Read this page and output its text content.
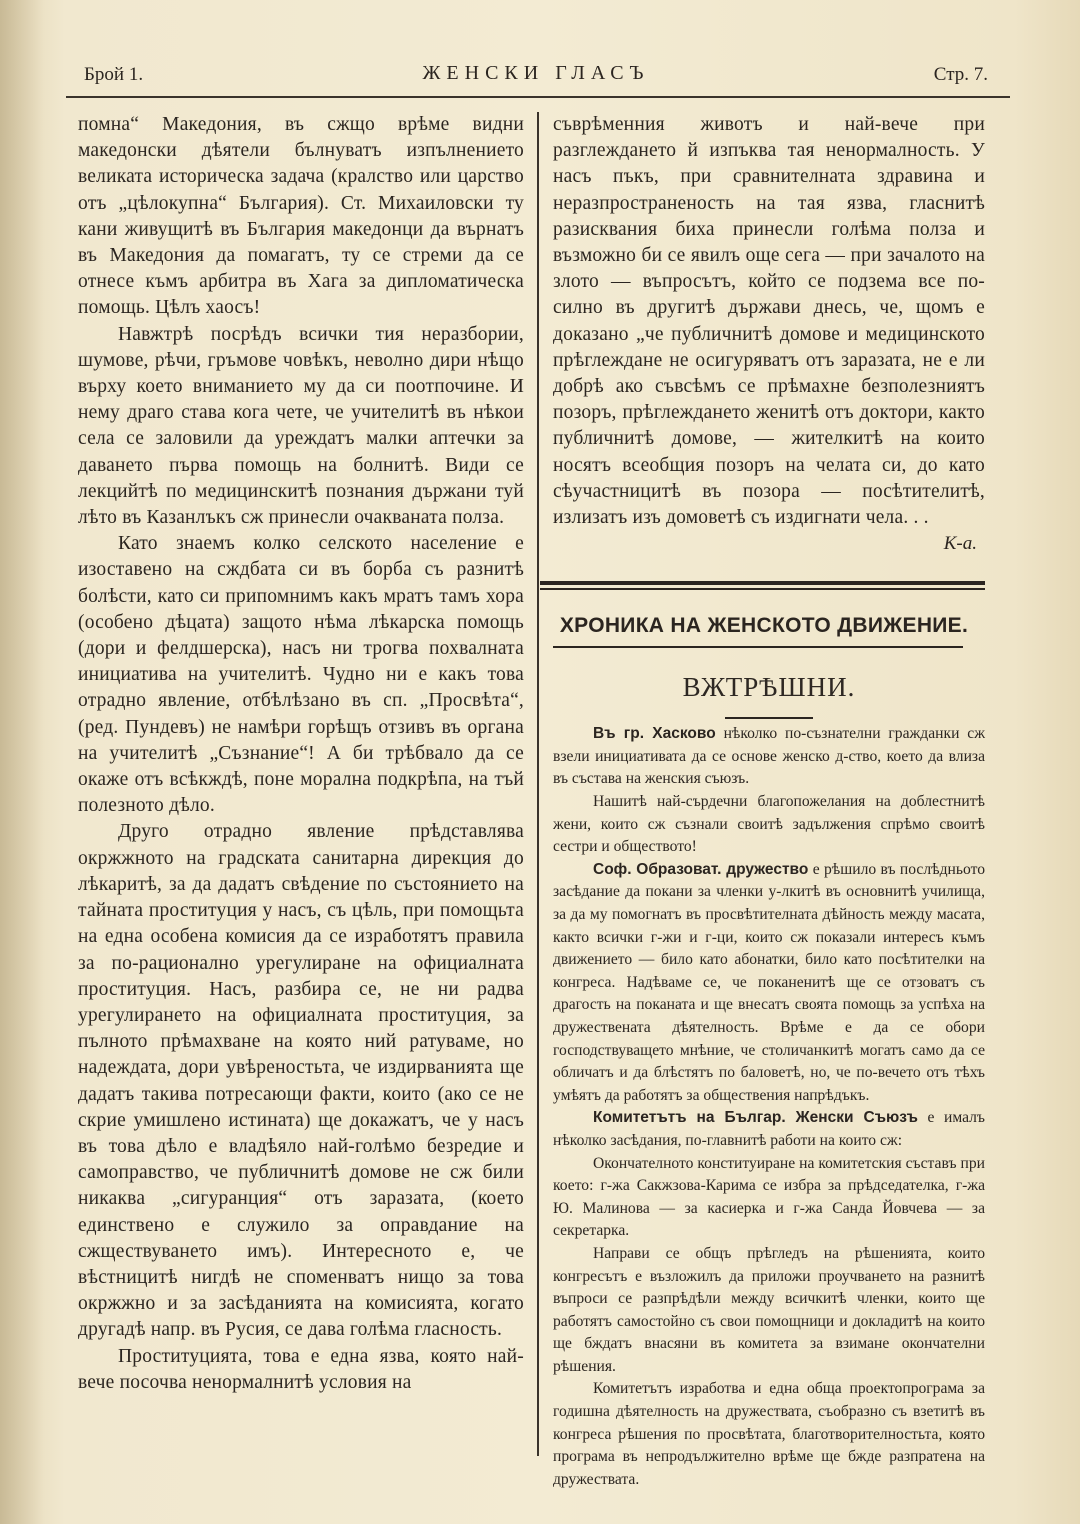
Брой 1.	ЖЕНСКИ ГЛАСЪ	Стр. 7.

помна“ Македония, въ сжщо врѣме видни македонски дѣятели бълнуватъ изпълнението великата историческа задача (кралство или царство отъ „цѣлокупна“ България). Ст. Михаиловски ту кани живущитѣ въ България македонци да върнатъ въ Македония да помагатъ, ту се стреми да се отнесе къмъ арбитра въ Хага за дипломатическа помощь. Цѣлъ хаосъ!

Навжтрѣ посрѣдъ всички тия неразбории, шумове, рѣчи, гръмове човѣкъ, неволно дири нѣщо върху което вниманието му да си поотпочине. И нему драго става кога чете, че учителитѣ въ нѣкои села се заловили да уреждатъ малки аптечки за даването първа помощь на болнитѣ. Види се лекцийтѣ по медицинскитѣ познания държани туй лѣто въ Казанлъкъ сж принесли очакваната полза.

Като знаемъ колко селското население е изоставено на сждбата си въ борба съ разнитѣ болѣсти, като си припомнимъ какъ мратъ тамъ хора (особено дѣцата) защото нѣма лѣкарска помощь (дори и фелдшерска), насъ ни трогва похвалната инициатива на учителитѣ. Чудно ни е какъ това отрадно явление, отбѣлѣзано въ сп. „Просвѣта“, (ред. Пундевъ) не намѣри горѣщъ отзивъ въ органа на учителитѣ „Съзнание“! А би трѣбвало да се окаже отъ всѣкждѣ, поне морална подкрѣпа, на тъй полезното дѣло.

Друго отрадно явление прѣдставлява окржжното на градската санитарна дирекция до лѣкаритѣ, за да дадатъ свѣдение по състоянието на тайната проституция у насъ, съ цѣль, при помощьта на една особена комисия да се изработятъ правила за по-рационално урегулиране на официалната проституция. Насъ, разбира се, не ни радва урегулирането на официалната проституция, за пълното прѣмахване на която ний ратуваме, но надеждата, дори увѣреностьта, че издирванията ще дадатъ такива потресающи факти, които (ако се не скрие умишлено истината) ще докажатъ, че у насъ въ това дѣло е владѣяло най-голѣмо безредие и самоправство, че публичнитѣ домове не сж били никаква „сигуранция“ отъ заразата, (което единствено е служило за оправдание на сжществуването имъ). Интересното е, че вѣстницитѣ нигдѣ не споменватъ нищо за това окржжно и за засѣданията на комисията, когато другадѣ напр. въ Русия, се дава голѣма гласность.

Проституцията, това е една язва, която най-вече посочва ненормалнитѣ условия на

съврѣменния животъ и най-вече при разглеждането й изпъква тая ненормалность. У насъ пъкъ, при сравнителната здравина и неразпространеность на тая язва, гласнитѣ разисквания биха принесли голѣма полза и възможно би се явилъ още сега — при зачалото на злото — въпросътъ, който се подзема все по-силно въ другитѣ държави днесь, че, щомъ е доказано „че публичнитѣ домове и медицинското прѣглеждане не осигуряватъ отъ заразата, не е ли добрѣ ако съвсѣмъ се прѣмахне безполезниятъ позоръ, прѣглеждането женитѣ отъ доктори, както публичнитѣ домове, — жителкитѣ на които носятъ всеобщия позоръ на челата си, до като сѣучастницитѣ въ позора — посѣтителитѣ, излизатъ изъ домоветѣ съ издигнати чела. . .

К-а.
ХРОНИКА НА ЖЕНСКОТО ДВИЖЕНИЕ.
ВЖТРѢШНИ.

Въ гр. Хасково нѣколко по-съзнателни гражданки сж взели инициативата да се основе женско д-ство, което да влиза въ състава на женския съюзъ.

Нашитѣ най-сърдечни благопожелания на доблестнитѣ жени, които сж съзнали своитѣ задължения спрѣмо своитѣ сестри и обществото!

Соф. Образоват. дружество е рѣшило въ послѣдньото засѣдание да покани за членки у-лкитѣ въ основнитѣ училища, за да му помогнатъ въ просвѣтителната дѣйность между масата, както всички г-жи и г-ци, които сж показали интересъ къмъ движението — било като абонатки, било като посѣтителки на конгреса. Надѣваме се, че поканенитѣ ще се отзоватъ съ драгость на поканата и ще внесатъ своята помощь за успѣха на дружествената дѣятелность. Врѣме е да се обори господствуващето мнѣние, че столичанкитѣ могатъ само да се обличатъ и да блѣстятъ по баловетѣ, но, че по-вечето отъ тѣхъ умѣятъ да работятъ за обществения напрѣдъкъ.

Комитетътъ на Българ. Женски Съюзъ е ималъ нѣколко засѣдания, по-главнитѣ работи на които сж:

Окончателното конституиране на комитетския съставъ при което: г-жа Сакжзова-Карима се избра за прѣдседателка, г-жа Ю. Малинова — за касиерка и г-жа Санда Йовчева — за секретарка.

Направи се общъ прѣгледъ на рѣшенията, които конгресътъ е възложилъ да приложи проучването на разнитѣ въпроси се разпрѣдѣли между всичкитѣ членки, които ще работятъ самостойно съ свои помощници и докладитѣ на които ще бждатъ внасяни въ комитета за взимане окончателни рѣшения.

Комитетътъ изработва и една обща проектопрограма за годишна дѣятелность на дружествата, съобразно съ взетитѣ въ конгреса рѣшения по просвѣтата, благотворителностьта, която програма въ непродължително врѣме ще бжде разпратена на дружествата.
